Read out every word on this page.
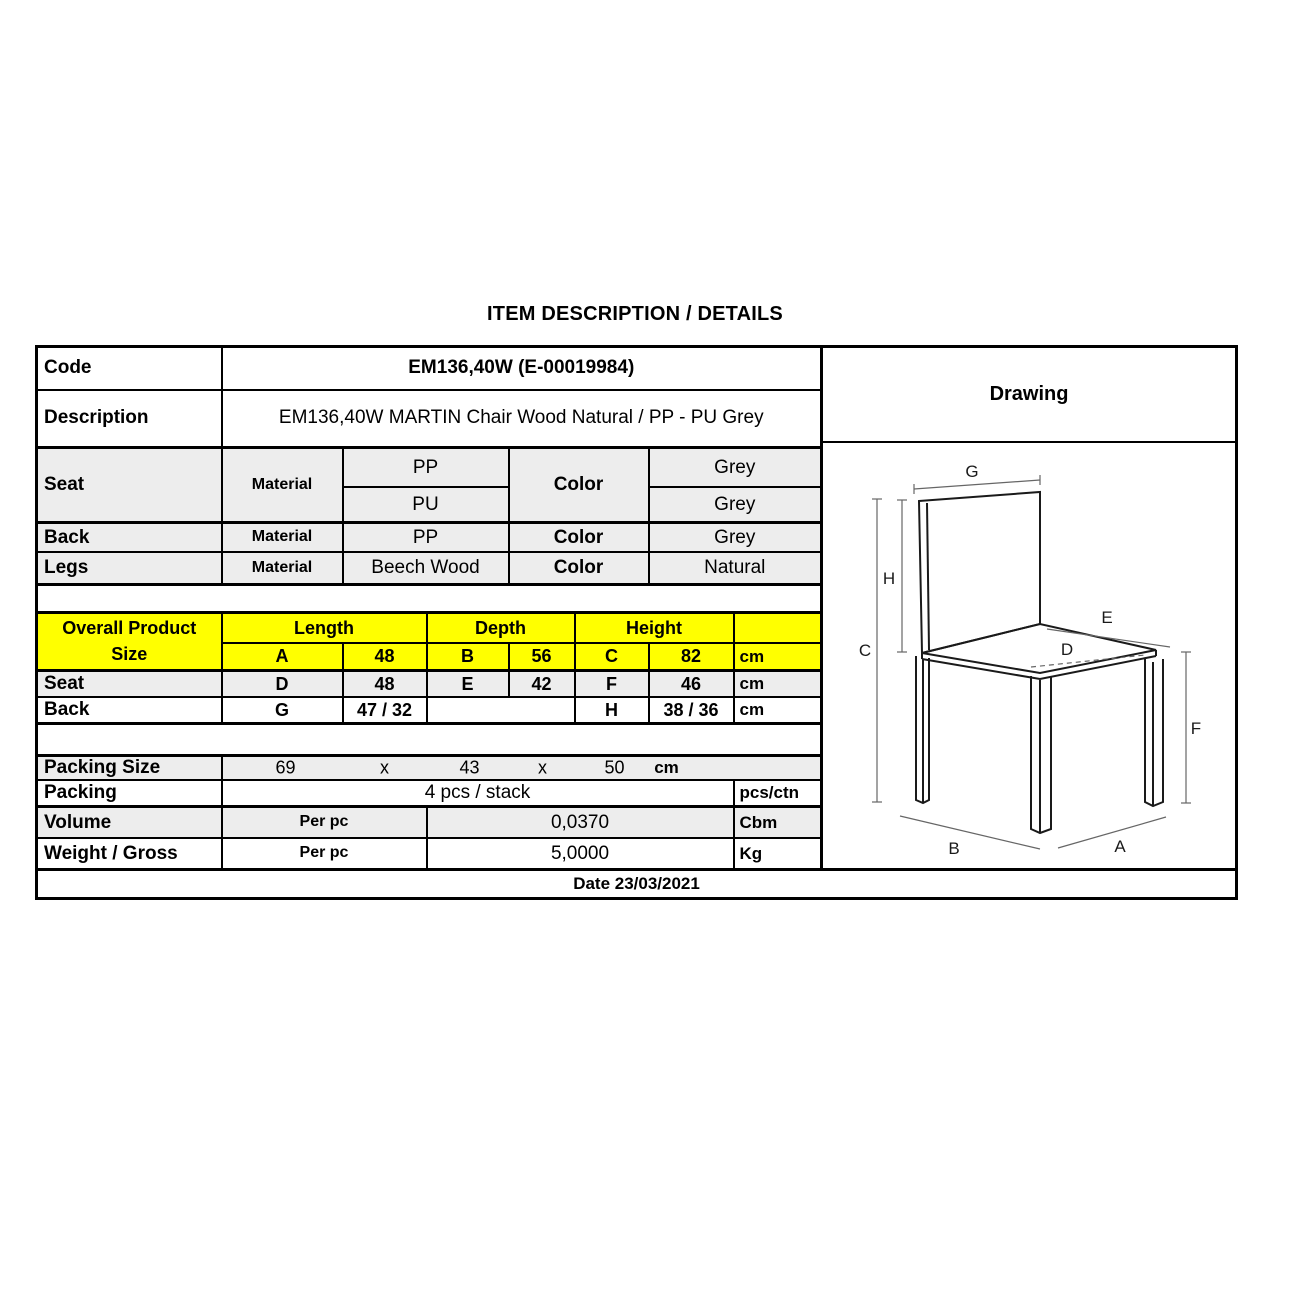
ITEM DESCRIPTION / DETAILS
Code	EM136,40W (E-00019984)	
Drawing
G
H
C
E
D
F
B	A

Description	EM136,40W MARTIN Chair Wood Natural / PP - PU Grey							
Seat	Material	PP		Color		Grey		
		PU				Grey		
Back	Material	PP		Color		Grey		
Legs	Material	Beech Wood		Color		Natural		

Overall Product
Size	Length		Depth		Height			
	A	48	B	56	C	82	cm	
Seat	D	48	E	42	F	46	cm	
Back	G	47 / 32			H	38 / 36	cm	

Packing Size	69	x	43	x	50 cm

Packing	4 pcs / stack						pcs/ctn	
Volume	Per pc		0,0370				Cbm	
Weight / Gross	Per pc		5,0000				Kg	
Date 23/03/2021								
